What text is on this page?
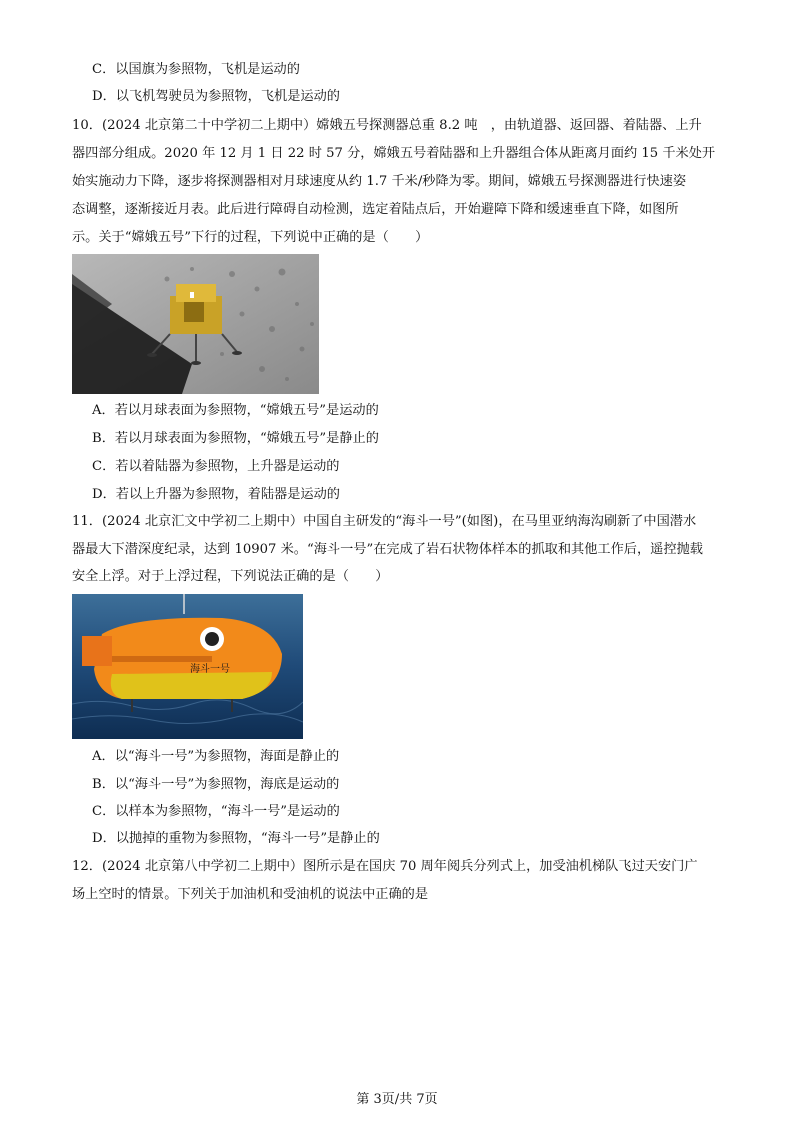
C．以国旗为参照物，飞机是运动的
D．以飞机驾驶员为参照物，飞机是运动的
10．(2024 北京第二十中学初二上期中）嫦娥五号探测器总重 8.2 吨　，由轨道器、返回器、着陆器、上升
器四部分组成。2020 年 12 月 1 日 22 时 57 分，嫦娥五号着陆器和上升器组合体从距离月面约 15 千米处开
始实施动力下降，逐步将探测器相对月球速度从约 1.7 千米/秒降为零。期间，嫦娥五号探测器进行快速姿
态调整，逐渐接近月表。此后进行障碍自动检测，选定着陆点后，开始避障下降和缓速垂直下降，如图所
示。关于“嫦娥五号”下行的过程，下列说中正确的是（　　）
A．若以月球表面为参照物，“嫦娥五号”是运动的
B．若以月球表面为参照物，“嫦娥五号”是静止的
C．若以着陆器为参照物，上升器是运动的
D．若以上升器为参照物，着陆器是运动的
11．(2024 北京汇文中学初二上期中）中国自主研发的“海斗一号”(如图)，在马里亚纳海沟刷新了中国潜水
器最大下潜深度纪录，达到 10907 米。“海斗一号”在完成了岩石状物体样本的抓取和其他工作后，遥控抛载
安全上浮。对于上浮过程，下列说法正确的是（　　）
海斗一号
A．以“海斗一号”为参照物，海面是静止的
B．以“海斗一号”为参照物，海底是运动的
C．以样本为参照物，“海斗一号”是运动的
D．以抛掉的重物为参照物，“海斗一号”是静止的
12．(2024 北京第八中学初二上期中）图所示是在国庆 70 周年阅兵分列式上，加受油机梯队飞过天安门广
场上空时的情景。下列关于加油机和受油机的说法中正确的是
第 3页/共 7页
